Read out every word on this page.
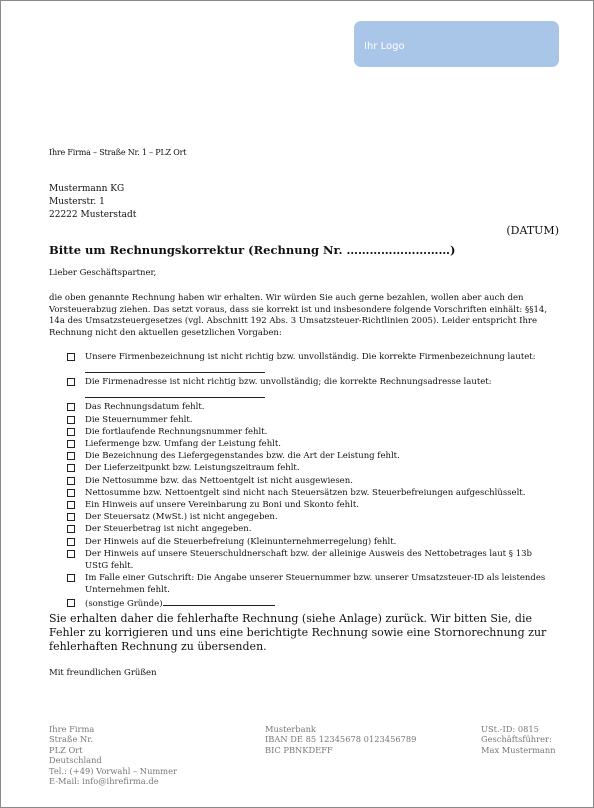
Ihr Logo
Ihre Firma – Straße Nr. 1 – PLZ Ort
Mustermann KG
Musterstr. 1
22222 Musterstadt
(DATUM)
Bitte um Rechnungskorrektur (Rechnung Nr. ………………………)
Lieber Geschäftspartner,
die oben genannte Rechnung haben wir erhalten. Wir würden Sie auch gerne bezahlen, wollen aber auch den Vorsteuerabzug ziehen. Das setzt voraus, dass sie korrekt ist und insbesondere folgende Vorschriften einhält: §§14, 14a des Umsatzsteuergesetzes (vgl. Abschnitt 192 Abs. 3 Umsatzsteuer-Richtlinien 2005). Leider entspricht Ihre Rechnung nicht den aktuellen gesetzlichen Vorgaben:
Unsere Firmenbezeichnung ist nicht richtig bzw. unvollständig. Die korrekte Firmenbezeichnung lautet:
Die Firmenadresse ist nicht richtig bzw. unvollständig; die korrekte Rechnungsadresse lautet:
Das Rechnungsdatum fehlt.
Die Steuernummer fehlt.
Die fortlaufende Rechnungsnummer fehlt.
Liefermenge bzw. Umfang der Leistung fehlt.
Die Bezeichnung des Liefergegenstandes bzw. die Art der Leistung fehlt.
Der Lieferzeitpunkt bzw. Leistungszeitraum fehlt.
Die Nettosumme bzw. das Nettoentgelt ist nicht ausgewiesen.
Nettosumme bzw. Nettoentgelt sind nicht nach Steuersätzen bzw. Steuerbefreiungen aufgeschlüsselt.
Ein Hinweis auf unsere Vereinbarung zu Boni und Skonto fehlt.
Der Steuersatz (MwSt.) ist nicht angegeben.
Der Steuerbetrag ist nicht angegeben.
Der Hinweis auf die Steuerbefreiung (Kleinunternehmerregelung) fehlt.
Der Hinweis auf unsere Steuerschuldnerschaft bzw. der alleinige Ausweis des Nettobetrages laut § 13b UStG fehlt.
Im Falle einer Gutschrift: Die Angabe unserer Steuernummer bzw. unserer Umsatzsteuer-ID als leistendes Unternehmen fehlt.
(sonstige Gründe)
Sie erhalten daher die fehlerhafte Rechnung (siehe Anlage) zurück. Wir bitten Sie, die Fehler zu korrigieren und uns eine berichtigte Rechnung sowie eine Stornorechnung zur fehlerhaften Rechnung zu übersenden.
Mit freundlichen Grüßen
Ihre Firma
Straße Nr.
PLZ Ort
Deutschland
Tel.: (+49) Vorwahl – Nummer
E-Mail: info@ihrefirma.de
Musterbank
IBAN DE 85 12345678 0123456789
BIC PBNKDEFF
USt.-ID: 0815
Geschäftsführer:
Max Mustermann
